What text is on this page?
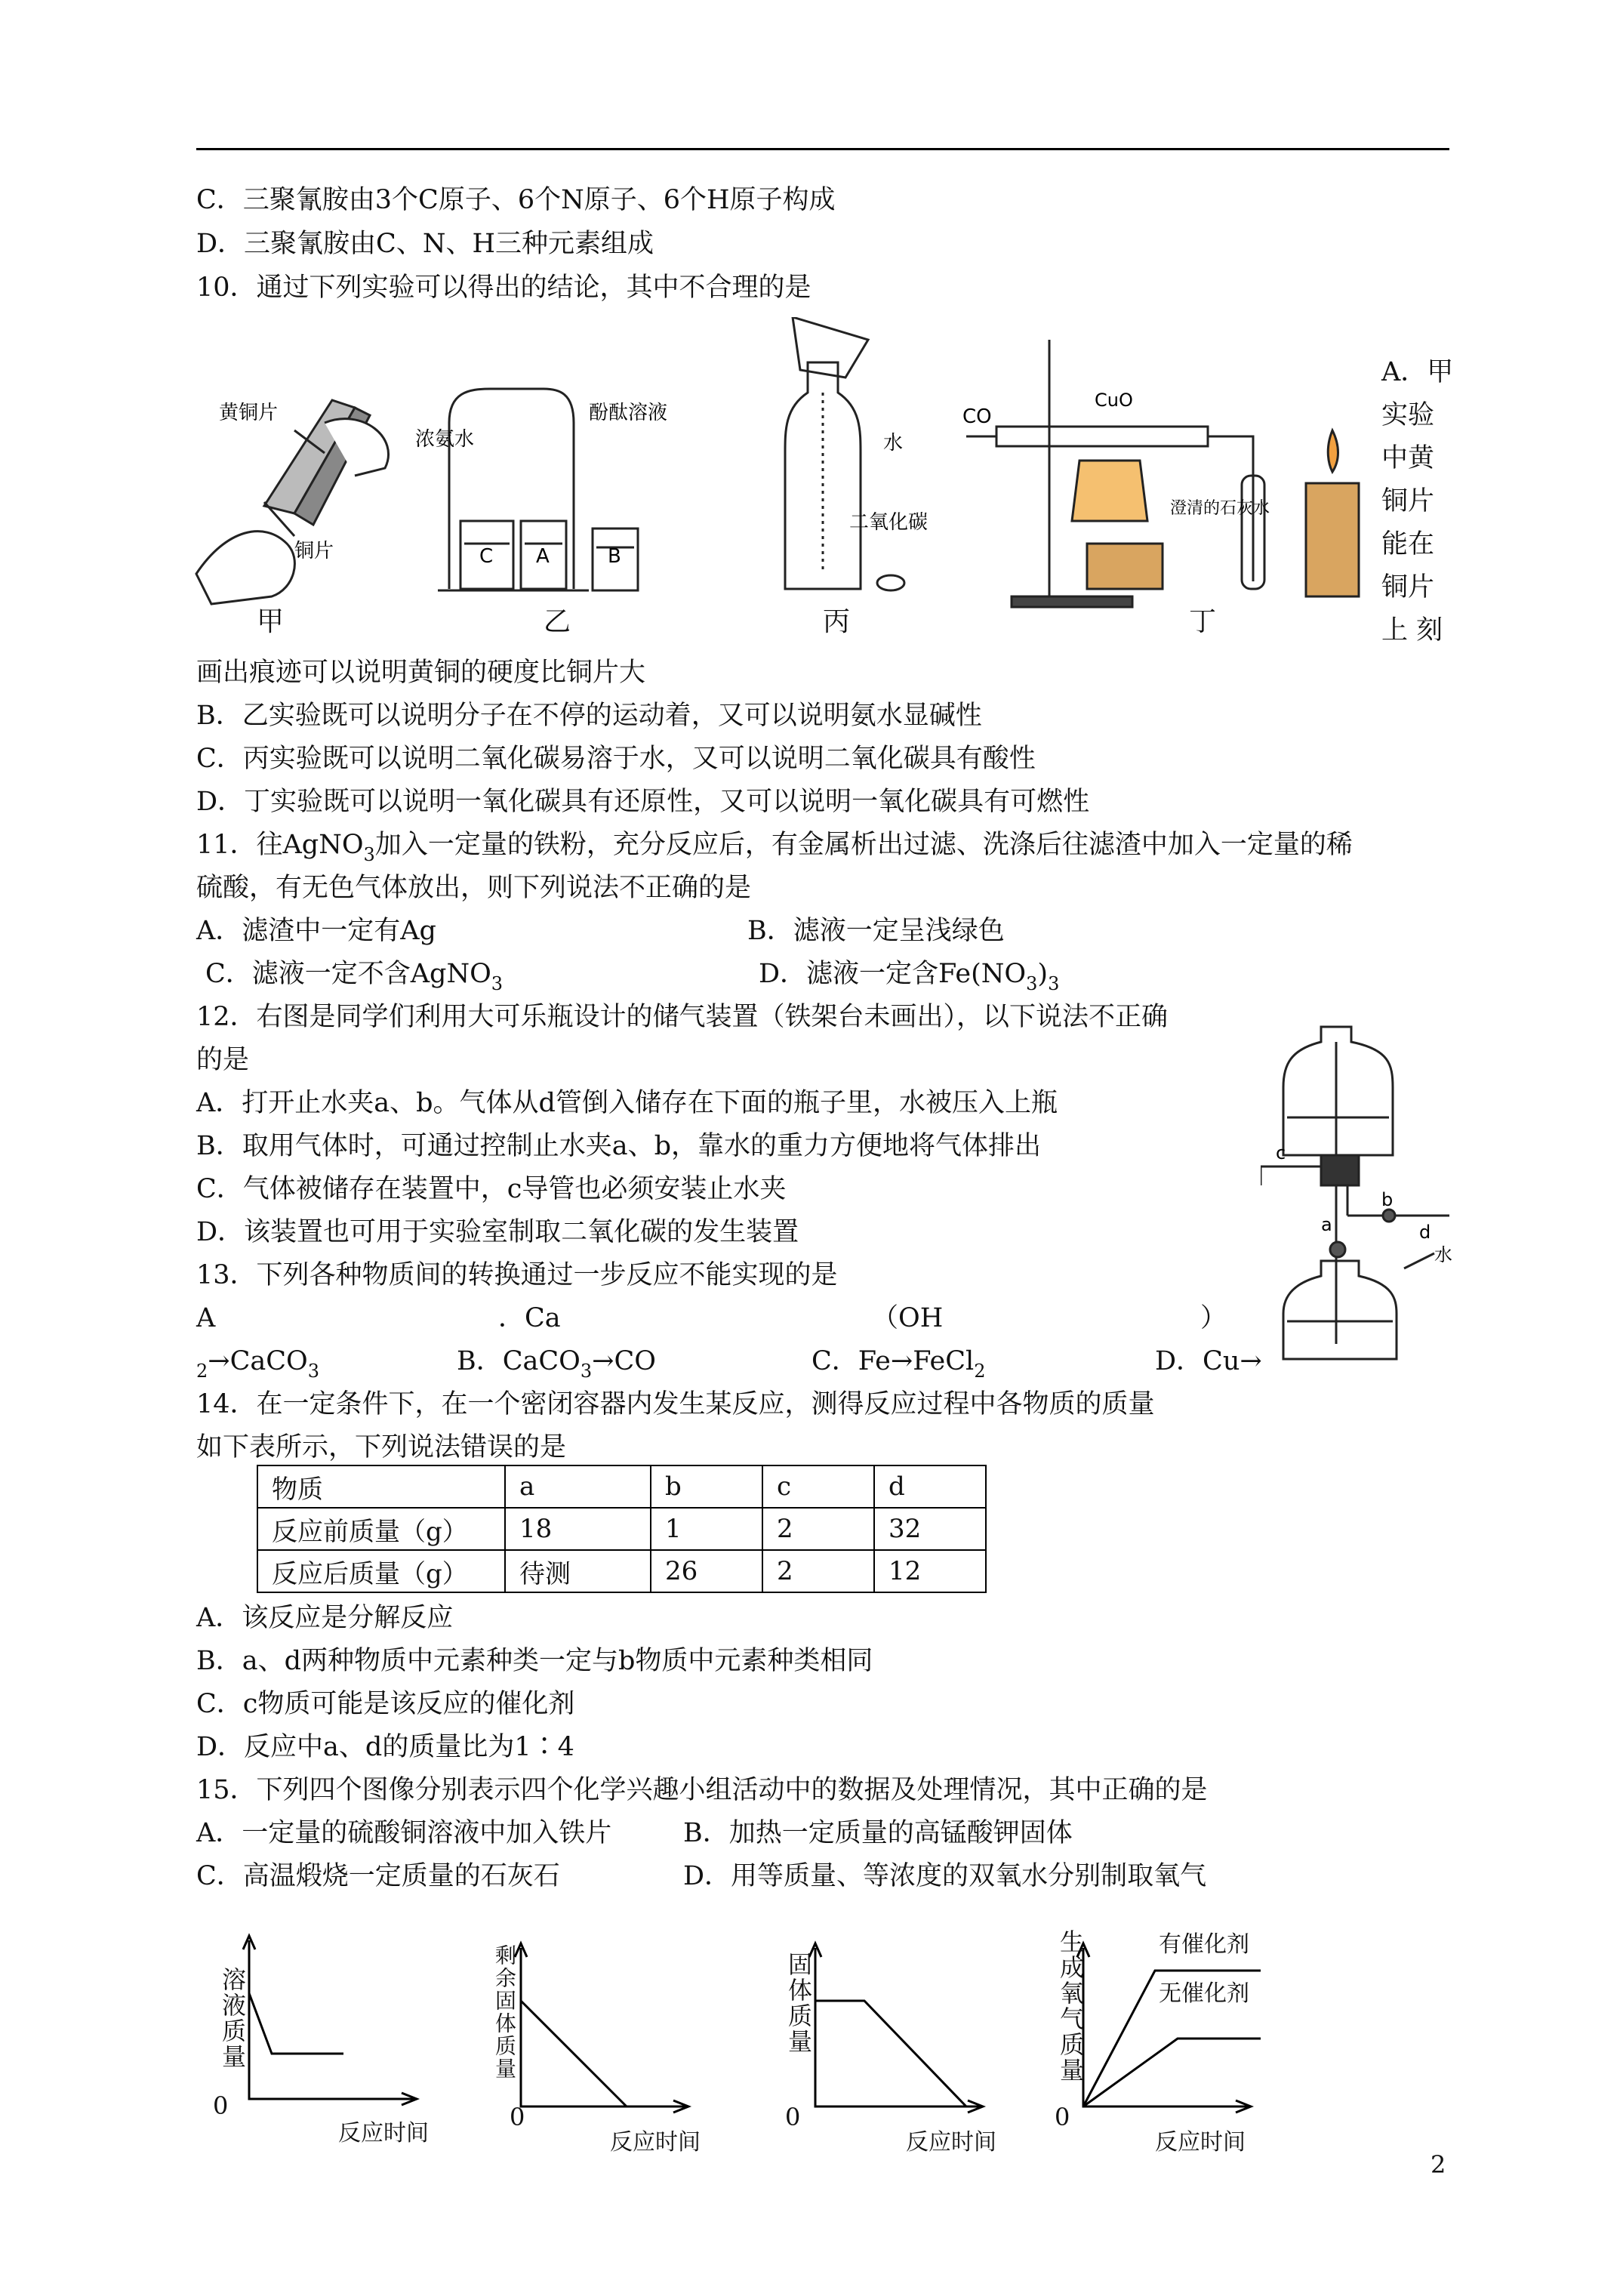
C．三聚氰胺由3个C原子、6个N原子、6个H原子构成
D．三聚氰胺由C、N、H三种元素组成
10．通过下列实验可以得出的结论，其中不合理的是
黄铜片
铜片	C A	B
水
二氧化碳
CO
CuO
澄清的石灰水
浓氨水
酚酞溶液
甲	乙	丙	丁
A．甲
实验
中黄
铜片
能在
铜片
上 刻
画出痕迹可以说明黄铜的硬度比铜片大
B．乙实验既可以说明分子在不停的运动着，又可以说明氨水显碱性
C．丙实验既可以说明二氧化碳易溶于水，又可以说明二氧化碳具有酸性
D．丁实验既可以说明一氧化碳具有还原性，又可以说明一氧化碳具有可燃性
11．往AgNO$_3$加入一定量的铁粉，充分反应后，有金属析出过滤、洗涤后往滤渣中加入一定量的稀
硫酸，有无色气体放出，则下列说法不正确的是
A．滤渣中一定有Ag	B．滤液一定呈浅绿色
C．滤液一定不含AgNO$_3$	D．滤液一定含$Fe(NO_3)_3$
12．右图是同学们利用大可乐瓶设计的储气装置（铁架台未画出），以下说法不正确
的是
A．打开止水夹a、b。气体从d管倒入储存在下面的瓶子里，水被压入上瓶
B．取用气体时，可通过控制止水夹a、b，靠水的重力方便地将气体排出
C．气体被储存在装置中，c导管也必须安装止水夹
D．该装置也可用于实验室制取二氧化碳的发生装置
c
a
b
d
水
13．下列各种物质间的转换通过一步反应不能实现的是
A	．Ca	（OH	）
$_2$→CaCO$_3$	B．CaCO$_3$→CO	C．Fe→FeCl$_2$	D．Cu→
14．在一定条件下，在一个密闭容器内发生某反应，测得反应过程中各物质的质量
如下表所示，下列说法错误的是
物质	a	b	c	d
反应前质量（g）	18	1	2	32
反应后质量（g）	待测	26	2	12
A．该反应是分解反应
B．a、d两种物质中元素种类一定与b物质中元素种类相同
C．c物质可能是该反应的催化剂
D．反应中a、d的质量比为1∶4
15．下列四个图像分别表示四个化学兴趣小组活动中的数据及处理情况，其中正确的是
A．一定量的硫酸铜溶液中加入铁片	B．加热一定质量的高锰酸钾固体
C．高温煅烧一定质量的石灰石	D．用等质量、等浓度的双氧水分别制取氧气
溶液质量
0
反应时间
剩余固体质量
0
反应时间
固体质量
0
反应时间
生成氧气质量
0
反应时间
有催化剂
无催化剂
2
